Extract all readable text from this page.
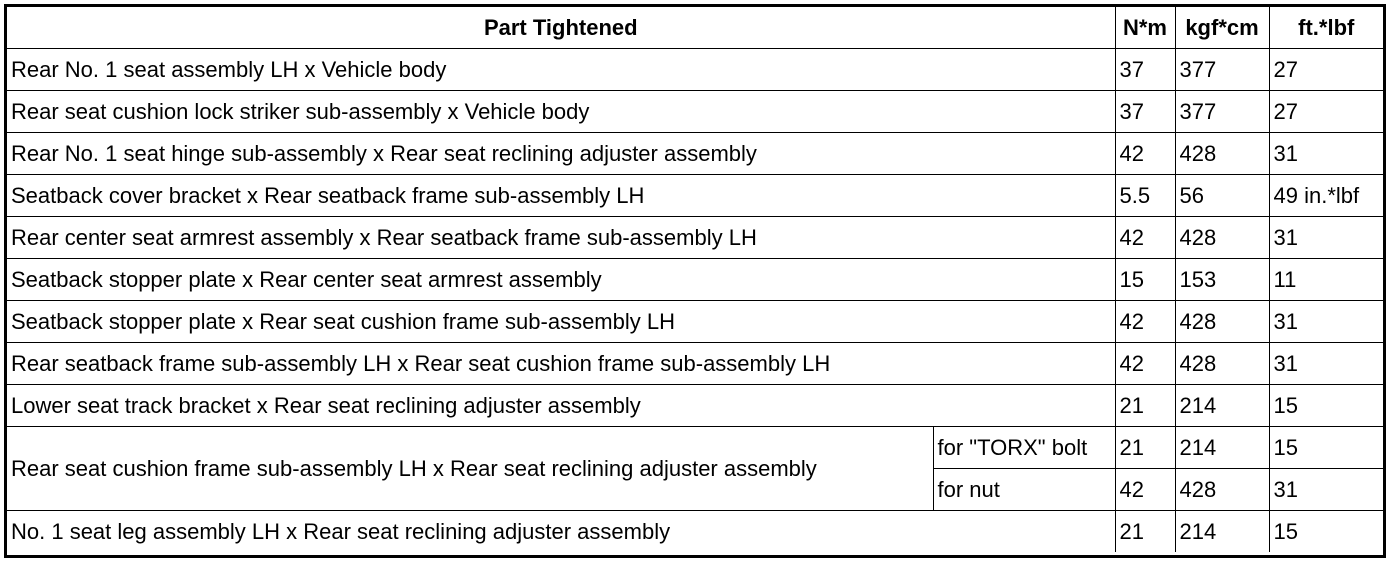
Part Tightened		N*m	kgf*cm	ft.*lbf
Rear No. 1 seat assembly LH x Vehicle body		37	377	27
Rear seat cushion lock striker sub-assembly x Vehicle body		37	377	27
Rear No. 1 seat hinge sub-assembly x Rear seat reclining adjuster assembly		42	428	31
Seatback cover bracket x Rear seatback frame sub-assembly LH		5.5	56	49 in.*lbf
Rear center seat armrest assembly x Rear seatback frame sub-assembly LH		42	428	31
Seatback stopper plate x Rear center seat armrest assembly		15	153	11
Seatback stopper plate x Rear seat cushion frame sub-assembly LH		42	428	31
Rear seatback frame sub-assembly LH x Rear seat cushion frame sub-assembly LH		42	428	31
Lower seat track bracket x Rear seat reclining adjuster assembly		21	214	15
Rear seat cushion frame sub-assembly LH x Rear seat reclining adjuster assembly	for "TORX" bolt	21	214	15
	for nut	42	428	31
No. 1 seat leg assembly LH x Rear seat reclining adjuster assembly		21	214	15
